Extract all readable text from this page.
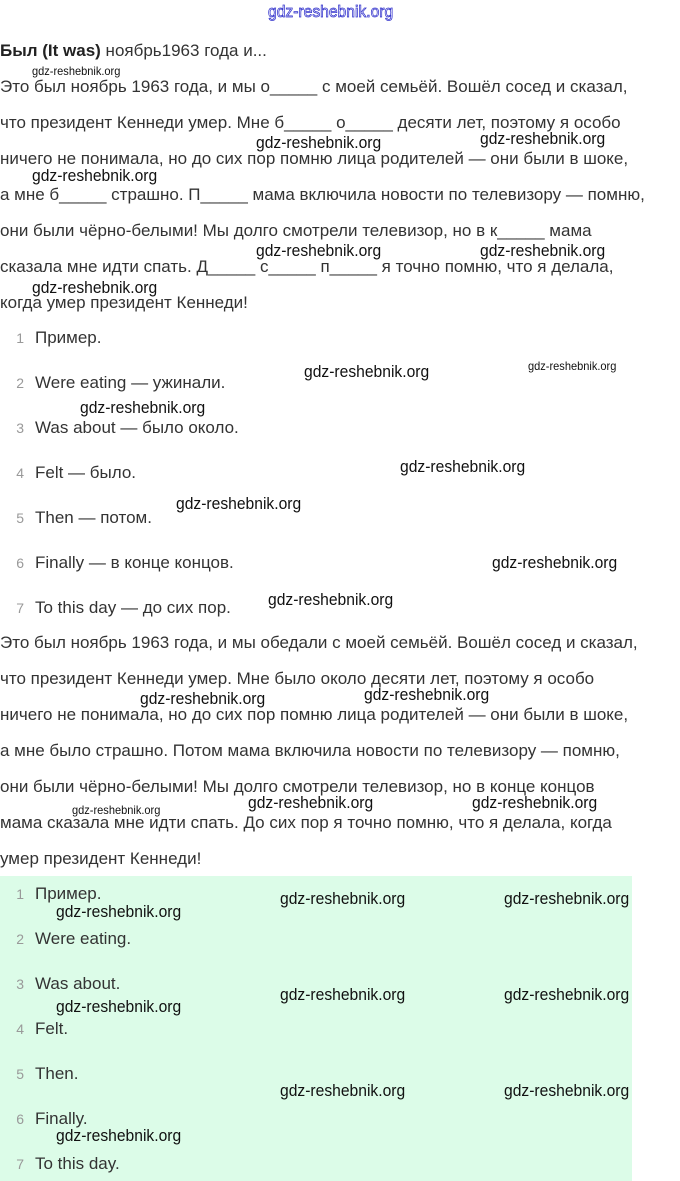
gdz-reshebnik.org
Был (It was) ноябрь1963 года и...
Это был ноябрь 1963 года, и мы о_____ с моей семьёй. Вошёл сосед и сказал,
что президент Кеннеди умер. Мне б_____ о_____ десяти лет, поэтому я особо
ничего не понимала, но до сих пор помню лица родителей — они были в шоке,
а мне б_____ страшно. П_____ мама включила новости по телевизору — помню,
они были чёрно-белыми! Мы долго смотрели телевизор, но в к_____ мама
сказала мне идти спать. Д_____ с_____ п_____ я точно помню, что я делала,
когда умер президент Кеннеди!
1 Пример.
2 Were eating — ужинали.
3 Was about — было около.
4 Felt — было.
5 Then — потом.
6 Finally — в конце концов.
7 To this day — до сих пор.
Это был ноябрь 1963 года, и мы обедали с моей семьёй. Вошёл сосед и сказал,
что президент Кеннеди умер. Мне было около десяти лет, поэтому я особо
ничего не понимала, но до сих пор помню лица родителей — они были в шоке,
а мне было страшно. Потом мама включила новости по телевизору — помню,
они были чёрно-белыми! Мы долго смотрели телевизор, но в конце концов
мама сказала мне идти спать. До сих пор я точно помню, что я делала, когда
умер президент Кеннеди!
1 Пример.
2 Were eating.
3 Was about.
4 Felt.
5 Then.
6 Finally.
7 To this day.
gdz-reshebnik.org
gdz-reshebnik.org	gdz-reshebnik.org
gdz-reshebnik.org
gdz-reshebnik.org	gdz-reshebnik.org
gdz-reshebnik.org
gdz-reshebnik.org	gdz-reshebnik.org
gdz-reshebnik.org
gdz-reshebnik.org
gdz-reshebnik.org
gdz-reshebnik.org
gdz-reshebnik.org
gdz-reshebnik.org	gdz-reshebnik.org
gdz-reshebnik.org	gdz-reshebnik.org	gdz-reshebnik.org
gdz-reshebnik.org	gdz-reshebnik.org
gdz-reshebnik.org
gdz-reshebnik.org	gdz-reshebnik.org
gdz-reshebnik.org
gdz-reshebnik.org	gdz-reshebnik.org
gdz-reshebnik.org
